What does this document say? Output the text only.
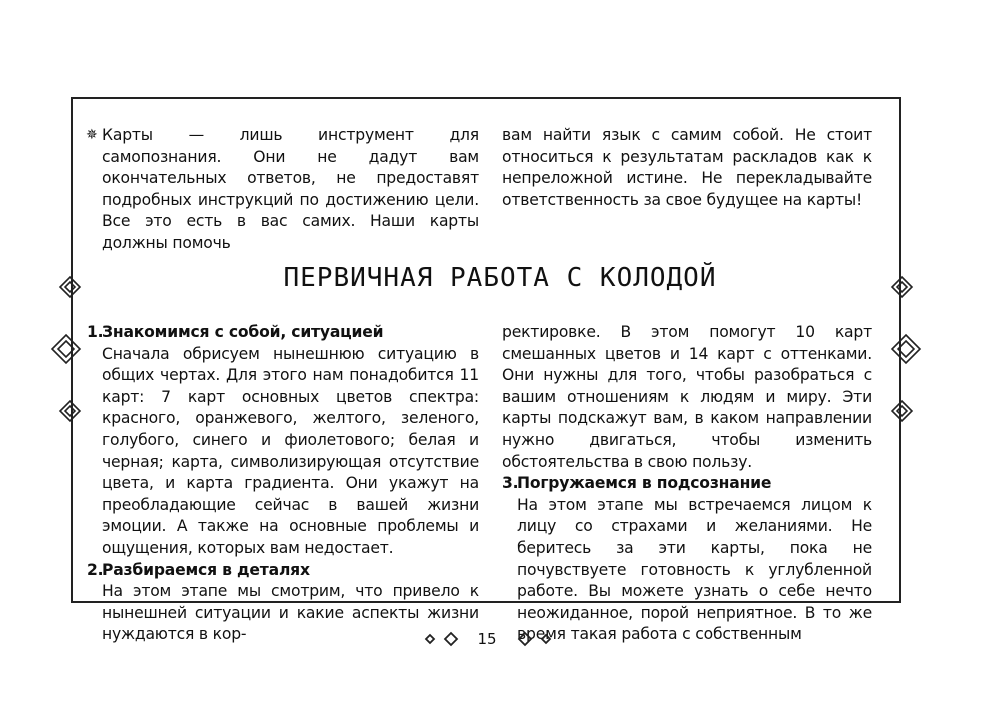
✵ Карты — лишь инструмент для самопознания. Они не дадут вам окончательных ответов, не предоставят подробных инструкций по достижению цели. Все это есть в вас самих. Наши карты должны помочь

вам найти язык с самим собой. Не стоит относиться к результатам раскладов как к непреложной истине. Не перекладывайте ответственность за свое будущее на карты!

ПЕРВИЧНАЯ РАБОТА С КОЛОДОЙ

1.Знакомимся с собой, ситуацией

Сначала обрисуем нынешнюю ситуацию в общих чертах. Для этого нам понадобится 11 карт: 7 карт основных цветов спектра: красного, оранжевого, желтого, зеленого, голубого, синего и фиолетового; белая и черная; карта, символизирующая отсутствие цвета, и карта градиента. Они укажут на преобладающие сейчас в вашей жизни эмоции. А также на основные проблемы и ощущения, которых вам недостает.

2.Разбираемся в деталях

На этом этапе мы смотрим, что привело к нынешней ситуации и какие аспекты жизни нуждаются в кор-

ректировке. В этом помогут 10 карт смешанных цветов и 14 карт с оттенками. Они нужны для того, чтобы разобраться с вашим отношениям к людям и миру. Эти карты подскажут вам, в каком направлении нужно двигаться, чтобы изменить обстоятельства в свою пользу.

3.Погружаемся в подсознание

На этом этапе мы встречаемся лицом к лицу со страхами и желаниями. Не беритесь за эти карты, пока не почувствуете готовность к углубленной работе. Вы можете узнать о себе нечто неожиданное, порой неприятное. В то же время такая работа с собственным

15
